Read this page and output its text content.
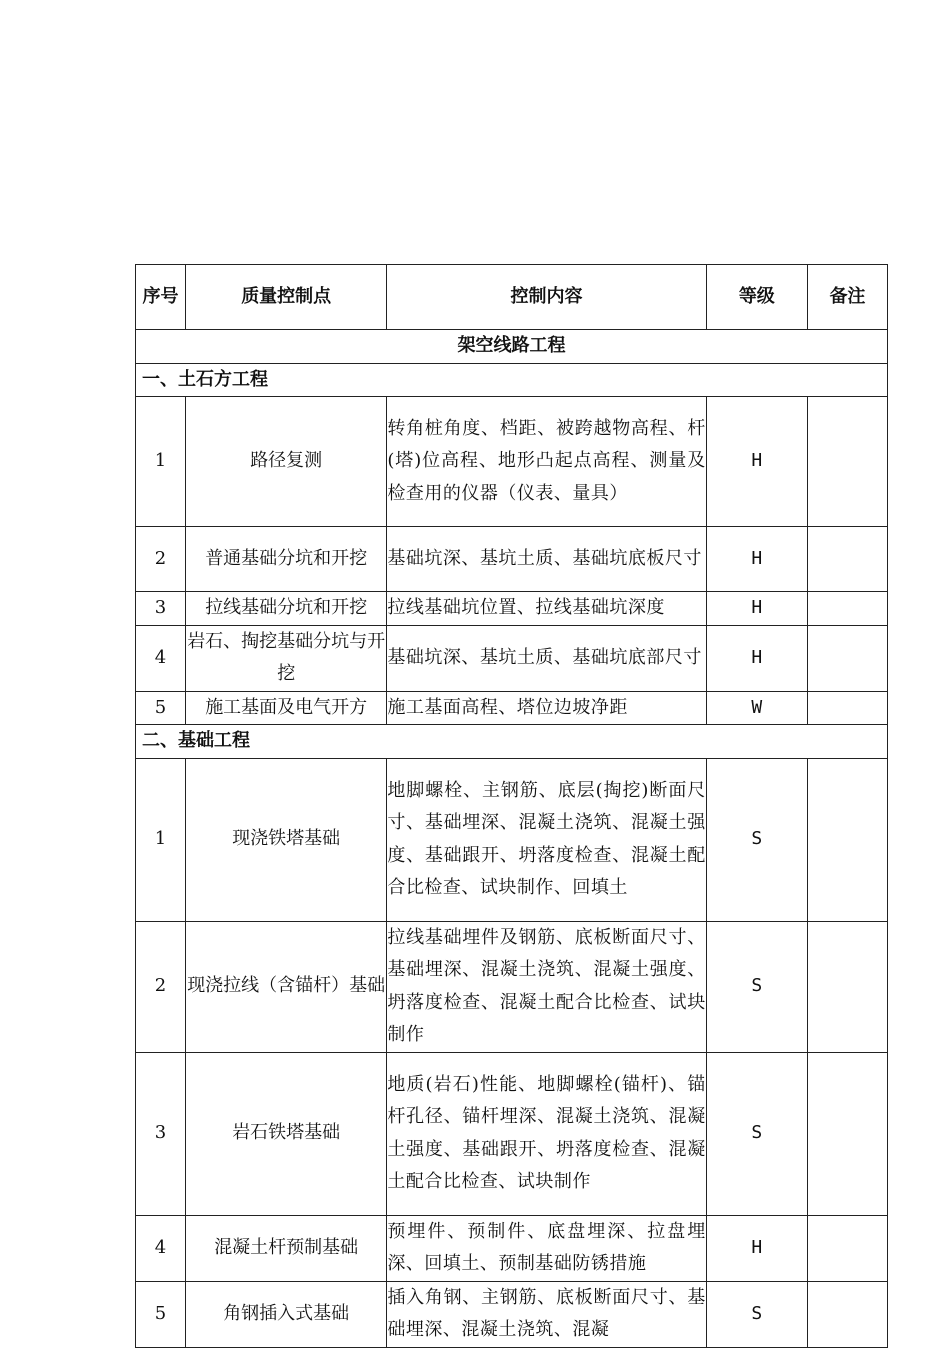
序号	质量控制点	控制内容	等级	备注
架空线路工程				
一、土石方工程				
1	路径复测	转角桩角度、档距、被跨越物高程、杆(塔)位高程、地形凸起点高程、测量及检查用的仪器（仪表、量具）	H	
2	普通基础分坑和开挖	基础坑深、基坑土质、基础坑底板尺寸	H	
3	拉线基础分坑和开挖	拉线基础坑位置、拉线基础坑深度	H	
4	岩石、掏挖基础分坑与开挖	基础坑深、基坑土质、基础坑底部尺寸	H	
5	施工基面及电气开方	施工基面高程、塔位边坡净距	W	
二、基础工程				
1	现浇铁塔基础	地脚螺栓、主钢筋、底层(掏挖)断面尺寸、基础埋深、混凝土浇筑、混凝土强度、基础跟开、坍落度检查、混凝土配合比检查、试块制作、回填土	S	
2	现浇拉线（含锚杆）基础	拉线基础埋件及钢筋、底板断面尺寸、基础埋深、混凝土浇筑、混凝土强度、坍落度检查、混凝土配合比检查、试块制作	S	
3	岩石铁塔基础	地质(岩石)性能、地脚螺栓(锚杆)、锚杆孔径、锚杆埋深、混凝土浇筑、混凝土强度、基础跟开、坍落度检查、混凝土配合比检查、试块制作	S	
4	混凝土杆预制基础	预埋件、预制件、底盘埋深、拉盘埋深、回填土、预制基础防锈措施	H	
5	角钢插入式基础	插入角钢、主钢筋、底板断面尺寸、基础埋深、混凝土浇筑、混凝	S	
